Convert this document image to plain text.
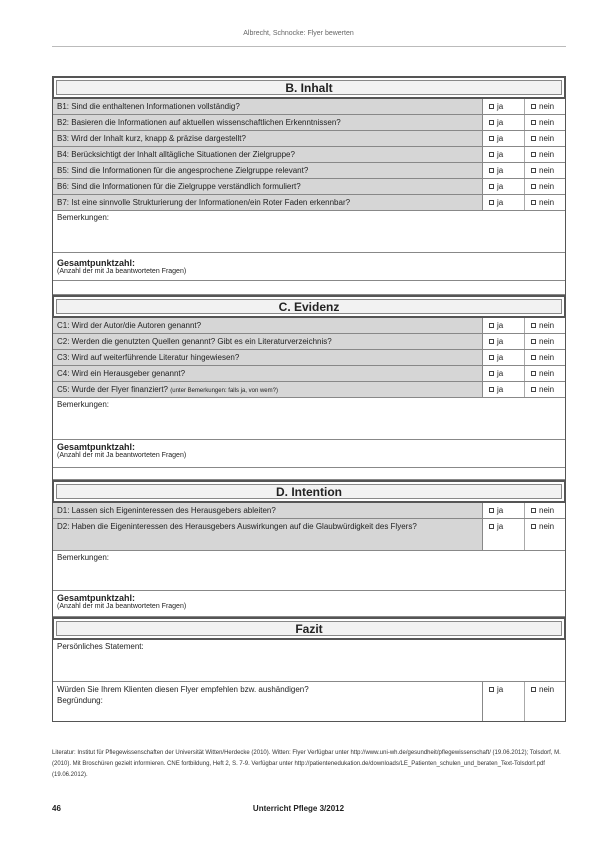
Albrecht, Schnocke: Flyer bewerten
B. Inhalt
B1: Sind die enthaltenen Informationen vollständig?	ja	nein
B2: Basieren die Informationen auf aktuellen wissenschaftlichen Erkenntnissen?	ja	nein
B3: Wird der Inhalt kurz, knapp & präzise dargestellt?	ja	nein
B4: Berücksichtigt der Inhalt alltägliche Situationen der Zielgruppe?	ja	nein
B5: Sind die Informationen für die angesprochene Zielgruppe relevant?	ja	nein
B6: Sind die Informationen für die Zielgruppe verständlich formuliert?	ja	nein
B7: Ist eine sinnvolle Strukturierung der Informationen/ein Roter Faden erkennbar?	ja	nein
Bemerkungen:
Gesamtpunktzahl:
(Anzahl der mit Ja beantworteten Fragen)
C. Evidenz
C1: Wird der Autor/die Autoren genannt?	ja	nein
C2: Werden die genutzten Quellen genannt? Gibt es ein Literaturverzeichnis?	ja	nein
C3: Wird auf weiterführende Literatur hingewiesen?	ja	nein
C4: Wird ein Herausgeber genannt?	ja	nein
C5: Wurde der Flyer finanziert? (unter Bemerkungen: falls ja, von wem?)	ja	nein
Bemerkungen:
Gesamtpunktzahl:
(Anzahl der mit Ja beantworteten Fragen)
D. Intention
D1: Lassen sich Eigeninteressen des Herausgebers ableiten?	ja	nein
D2: Haben die Eigeninteressen des Herausgebers Auswirkungen auf die Glaubwürdigkeit des Flyers?	ja	nein
Bemerkungen:
Gesamtpunktzahl:
(Anzahl der mit Ja beantworteten Fragen)
Fazit
Persönliches Statement:
Würden Sie Ihrem Klienten diesen Flyer empfehlen bzw. aushändigen?
Begründung:
ja	nein
Literatur: Institut für Pflegewissenschaften der Universität Witten/Herdecke (2010). Witten: Flyer Verfügbar unter http://www.uni-wh.de/gesundheit/pflegewissenschaft/ (19.06.2012); Tolsdorf, M. (2010). Mit Broschüren gezielt informieren. CNE fortbildung, Heft 2, S. 7-9. Verfügbar unter http://patientenedukation.de/downloads/LE_Patienten_schulen_und_beraten_Text-Tolsdorf.pdf (19.06.2012).
Unterricht Pflege 3/2012
46
